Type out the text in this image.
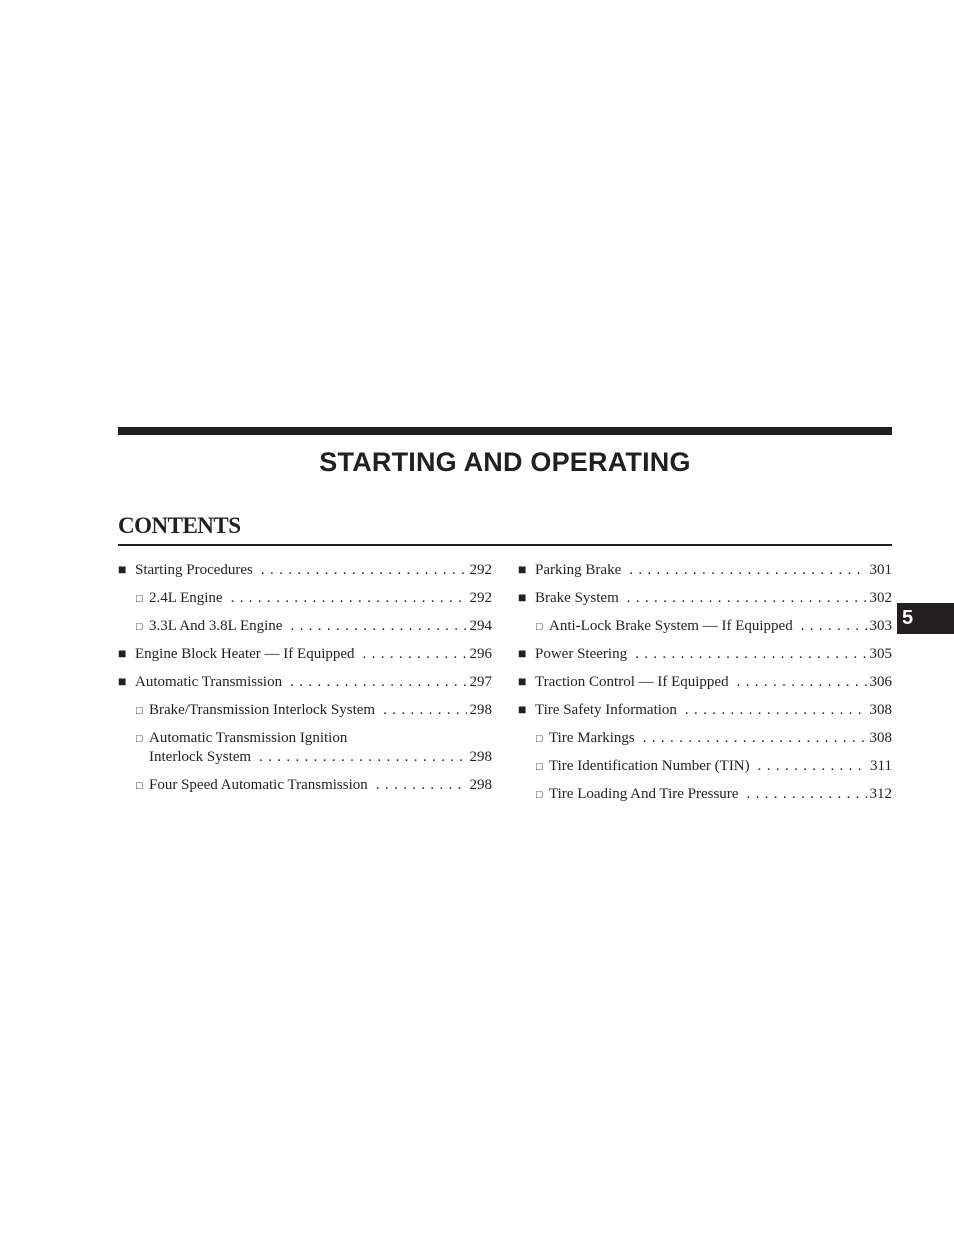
STARTING AND OPERATING
CONTENTS
■ Starting Procedures . . .	292
□ 2.4L Engine . . .	292
□ 3.3L And 3.8L Engine . . .	294
■ Engine Block Heater — If Equipped . . .	296
■ Automatic Transmission . . .	297
□ Brake/Transmission Interlock System . . .	298
□ Automatic Transmission Ignition
Interlock System . . .	298
□ Four Speed Automatic Transmission . . .	298
■ Parking Brake . . .	301
■ Brake System . . .	302
□ Anti-Lock Brake System — If Equipped . . .	303
■ Power Steering . . .	305
■ Traction Control — If Equipped . . .	306
■ Tire Safety Information . . .	308
□ Tire Markings . . .	308
□ Tire Identification Number (TIN) . . .	311
□ Tire Loading And Tire Pressure . . .	312
5
